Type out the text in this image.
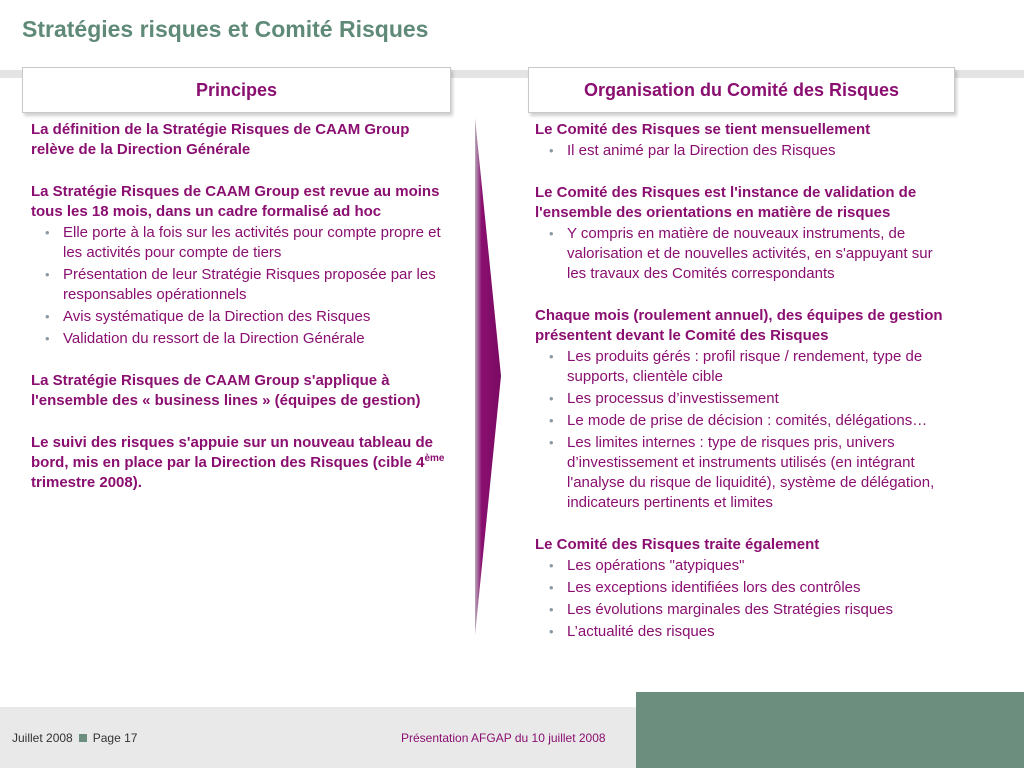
Stratégies risques et Comité Risques
Principes	Organisation du Comité des Risques
La définition de la Stratégie Risques de CAAM Group relève de la Direction Générale
La Stratégie Risques de CAAM Group est revue au moins tous les 18 mois, dans un cadre formalisé ad hoc
• Elle porte à la fois sur les activités pour compte propre et les activités pour compte de tiers
• Présentation de leur Stratégie Risques proposée par les responsables opérationnels
• Avis systématique de la Direction des Risques
• Validation du ressort de la Direction Générale
La Stratégie Risques de CAAM Group s'applique à l'ensemble des « business lines » (équipes de gestion)
Le suivi des risques s'appuie sur un nouveau tableau de bord, mis en place par la Direction des Risques (cible 4ème trimestre 2008).
Le Comité des Risques se tient mensuellement
• Il est animé par la Direction des Risques
Le Comité des Risques est l'instance de validation de l'ensemble des orientations en matière de risques
• Y compris en matière de nouveaux instruments, de valorisation et de nouvelles activités, en s'appuyant sur les travaux des Comités correspondants
Chaque mois (roulement annuel), des équipes de gestion présentent devant le Comité des Risques
• Les produits gérés : profil risque / rendement, type de supports, clientèle cible
• Les processus d’investissement
• Le mode de prise de décision : comités, délégations…
• Les limites internes : type de risques pris, univers d’investissement et instruments utilisés (en intégrant l'analyse du risque de liquidité), système de délégation, indicateurs pertinents et limites
Le Comité des Risques traite également
• Les opérations "atypiques"
• Les exceptions identifiées lors des contrôles
• Les évolutions marginales des Stratégies risques
• L’actualité des risques
Juillet 2008 Page 17	Présentation AFGAP du 10 juillet 2008
